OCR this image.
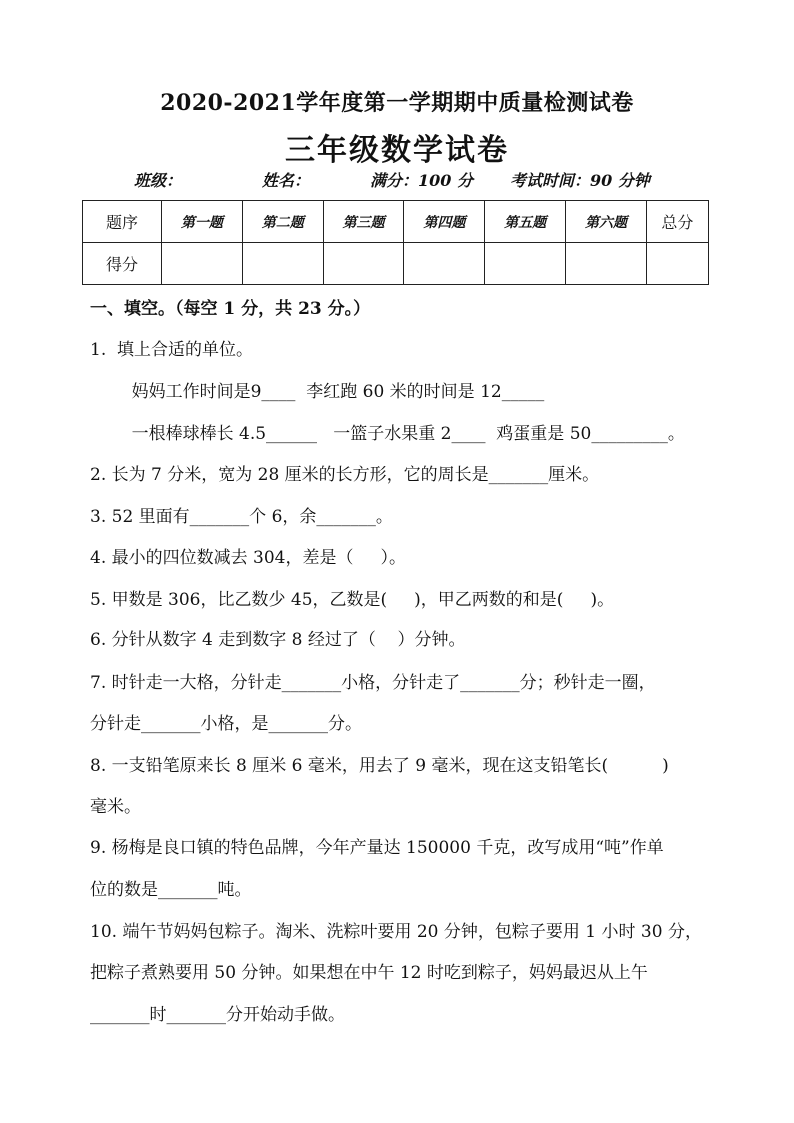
2020-2021学年度第一学期期中质量检测试卷
三年级数学试卷
班级：	姓名：	满分：100 分 考试时间：90 分钟
题序	第一题	第二题	第三题	第四题	第五题	第六题	总分
得分							
一、填空。（每空 1 分，共 23 分。）
1.  填上合适的单位。
妈妈工作时间是9____  李红跑 60 米的时间是 12_____
一根棒球棒长 4.5______   一篮子水果重 2____  鸡蛋重是 50_________。
2. 长为 7 分米，宽为 28 厘米的长方形，它的周长是_______厘米。
3. 52 里面有_______个 6，余_______。
4. 最小的四位数减去 304，差是（     ）。
5. 甲数是 306，比乙数少 45，乙数是(     )，甲乙两数的和是(     )。
6. 分针从数字 4 走到数字 8 经过了（    ）分钟。
7. 时针走一大格，分针走_______小格，分针走了_______分；秒针走一圈，
分针走_______小格，是_______分。
8. 一支铅笔原来长 8 厘米 6 毫米，用去了 9 毫米，现在这支铅笔长(          )
毫米。
9. 杨梅是良口镇的特色品牌，今年产量达 150000 千克，改写成用“吨”作单
位的数是_______吨。
10. 端午节妈妈包粽子。淘米、洗粽叶要用 20 分钟，包粽子要用 1 小时 30 分，
把粽子煮熟要用 50 分钟。如果想在中午 12 时吃到粽子，妈妈最迟从上午
_______时_______分开始动手做。
